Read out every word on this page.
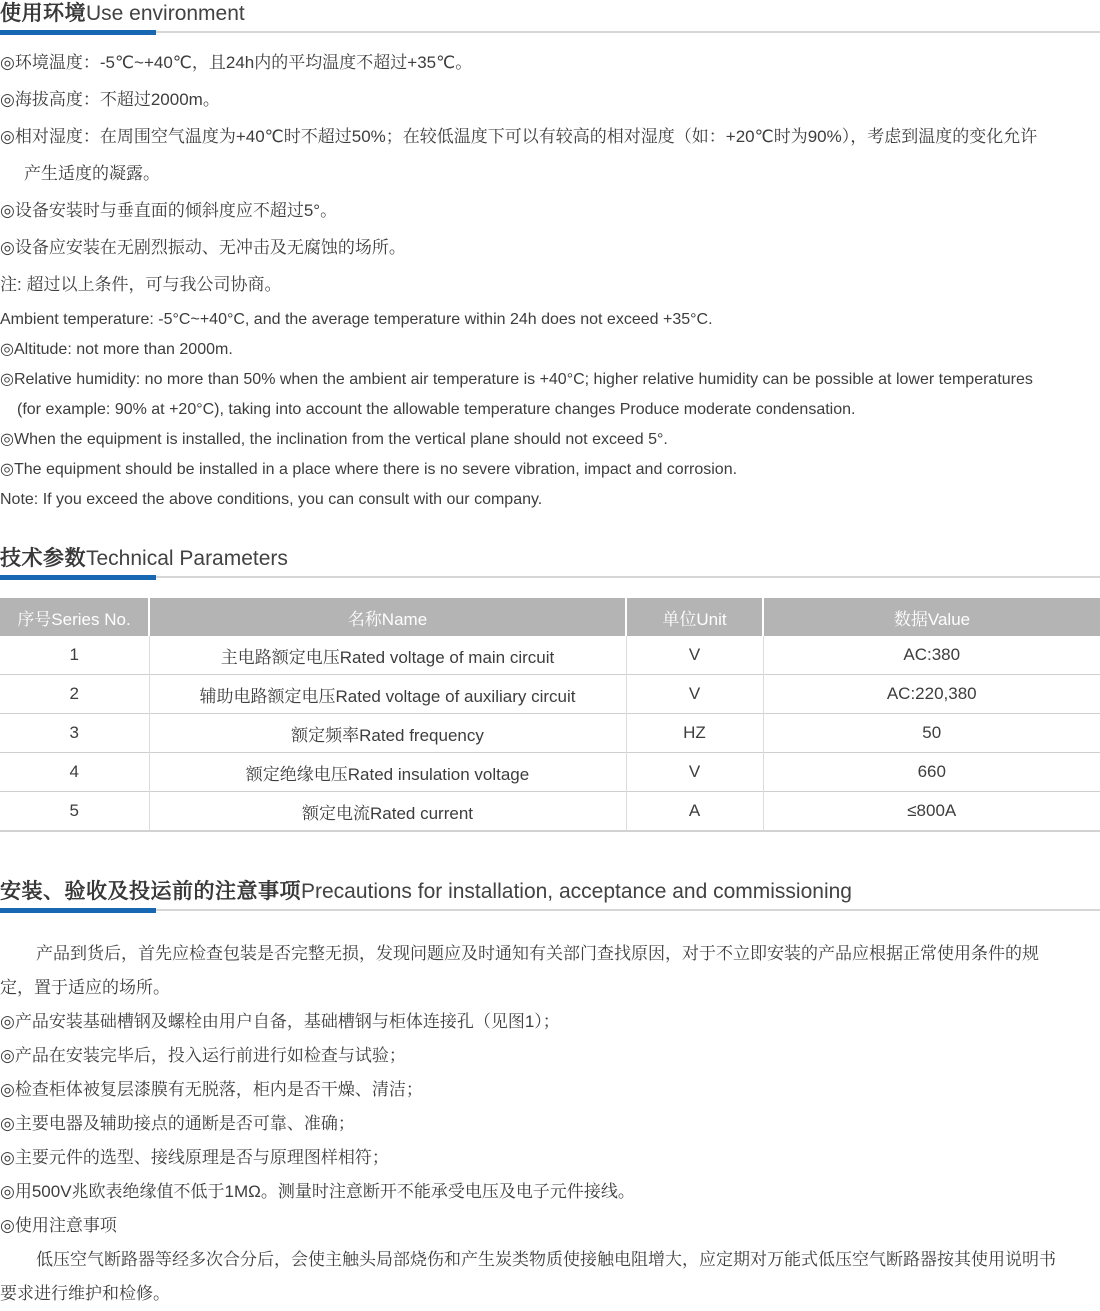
使用环境Use environment
◎环境温度：-5℃~+40℃，且24h内的平均温度不超过+35℃。
◎海拔高度：不超过2000m。
◎相对湿度：在周围空气温度为+40℃时不超过50%；在较低温度下可以有较高的相对湿度（如：+20℃时为90%），考虑到温度的变化允许
产生适度的凝露。
◎设备安装时与垂直面的倾斜度应不超过5°。
◎设备应安装在无剧烈振动、无冲击及无腐蚀的场所。
注: 超过以上条件，可与我公司协商。
Ambient temperature: -5°C~+40°C, and the average temperature within 24h does not exceed +35°C.
◎Altitude: not more than 2000m.
◎Relative humidity: no more than 50% when the ambient air temperature is +40°C; higher relative humidity can be possible at lower temperatures
(for example: 90% at +20°C), taking into account the allowable temperature changes Produce moderate condensation.
◎When the equipment is installed, the inclination from the vertical plane should not exceed 5°.
◎The equipment should be installed in a place where there is no severe vibration, impact and corrosion.
Note: If you exceed the above conditions, you can consult with our company.
技术参数Technical Parameters
序号Series No.	名称Name	单位Unit	数据Value
1	主电路额定电压Rated voltage of main circuit	V	AC:380
2	辅助电路额定电压Rated voltage of auxiliary circuit	V	AC:220,380
3	额定频率Rated frequency	HZ	50
4	额定绝缘电压Rated insulation voltage	V	660
5	额定电流Rated current	A	≤800A
安装、验收及投运前的注意事项Precautions for installation, acceptance and commissioning
产品到货后，首先应检查包装是否完整无损，发现问题应及时通知有关部门查找原因，对于不立即安装的产品应根据正常使用条件的规
定，置于适应的场所。
◎产品安装基础槽钢及螺栓由用户自备，基础槽钢与柜体连接孔（见图1）；
◎产品在安装完毕后，投入运行前进行如检查与试验；
◎检查柜体被复层漆膜有无脱落，柜内是否干燥、清洁；
◎主要电器及辅助接点的通断是否可靠、准确；
◎主要元件的选型、接线原理是否与原理图样相符；
◎用500V兆欧表绝缘值不低于1MΩ。测量时注意断开不能承受电压及电子元件接线。
◎使用注意事项
低压空气断路器等经多次合分后，会使主触头局部烧伤和产生炭类物质使接触电阻增大，应定期对万能式低压空气断路器按其使用说明书
要求进行维护和检修。
